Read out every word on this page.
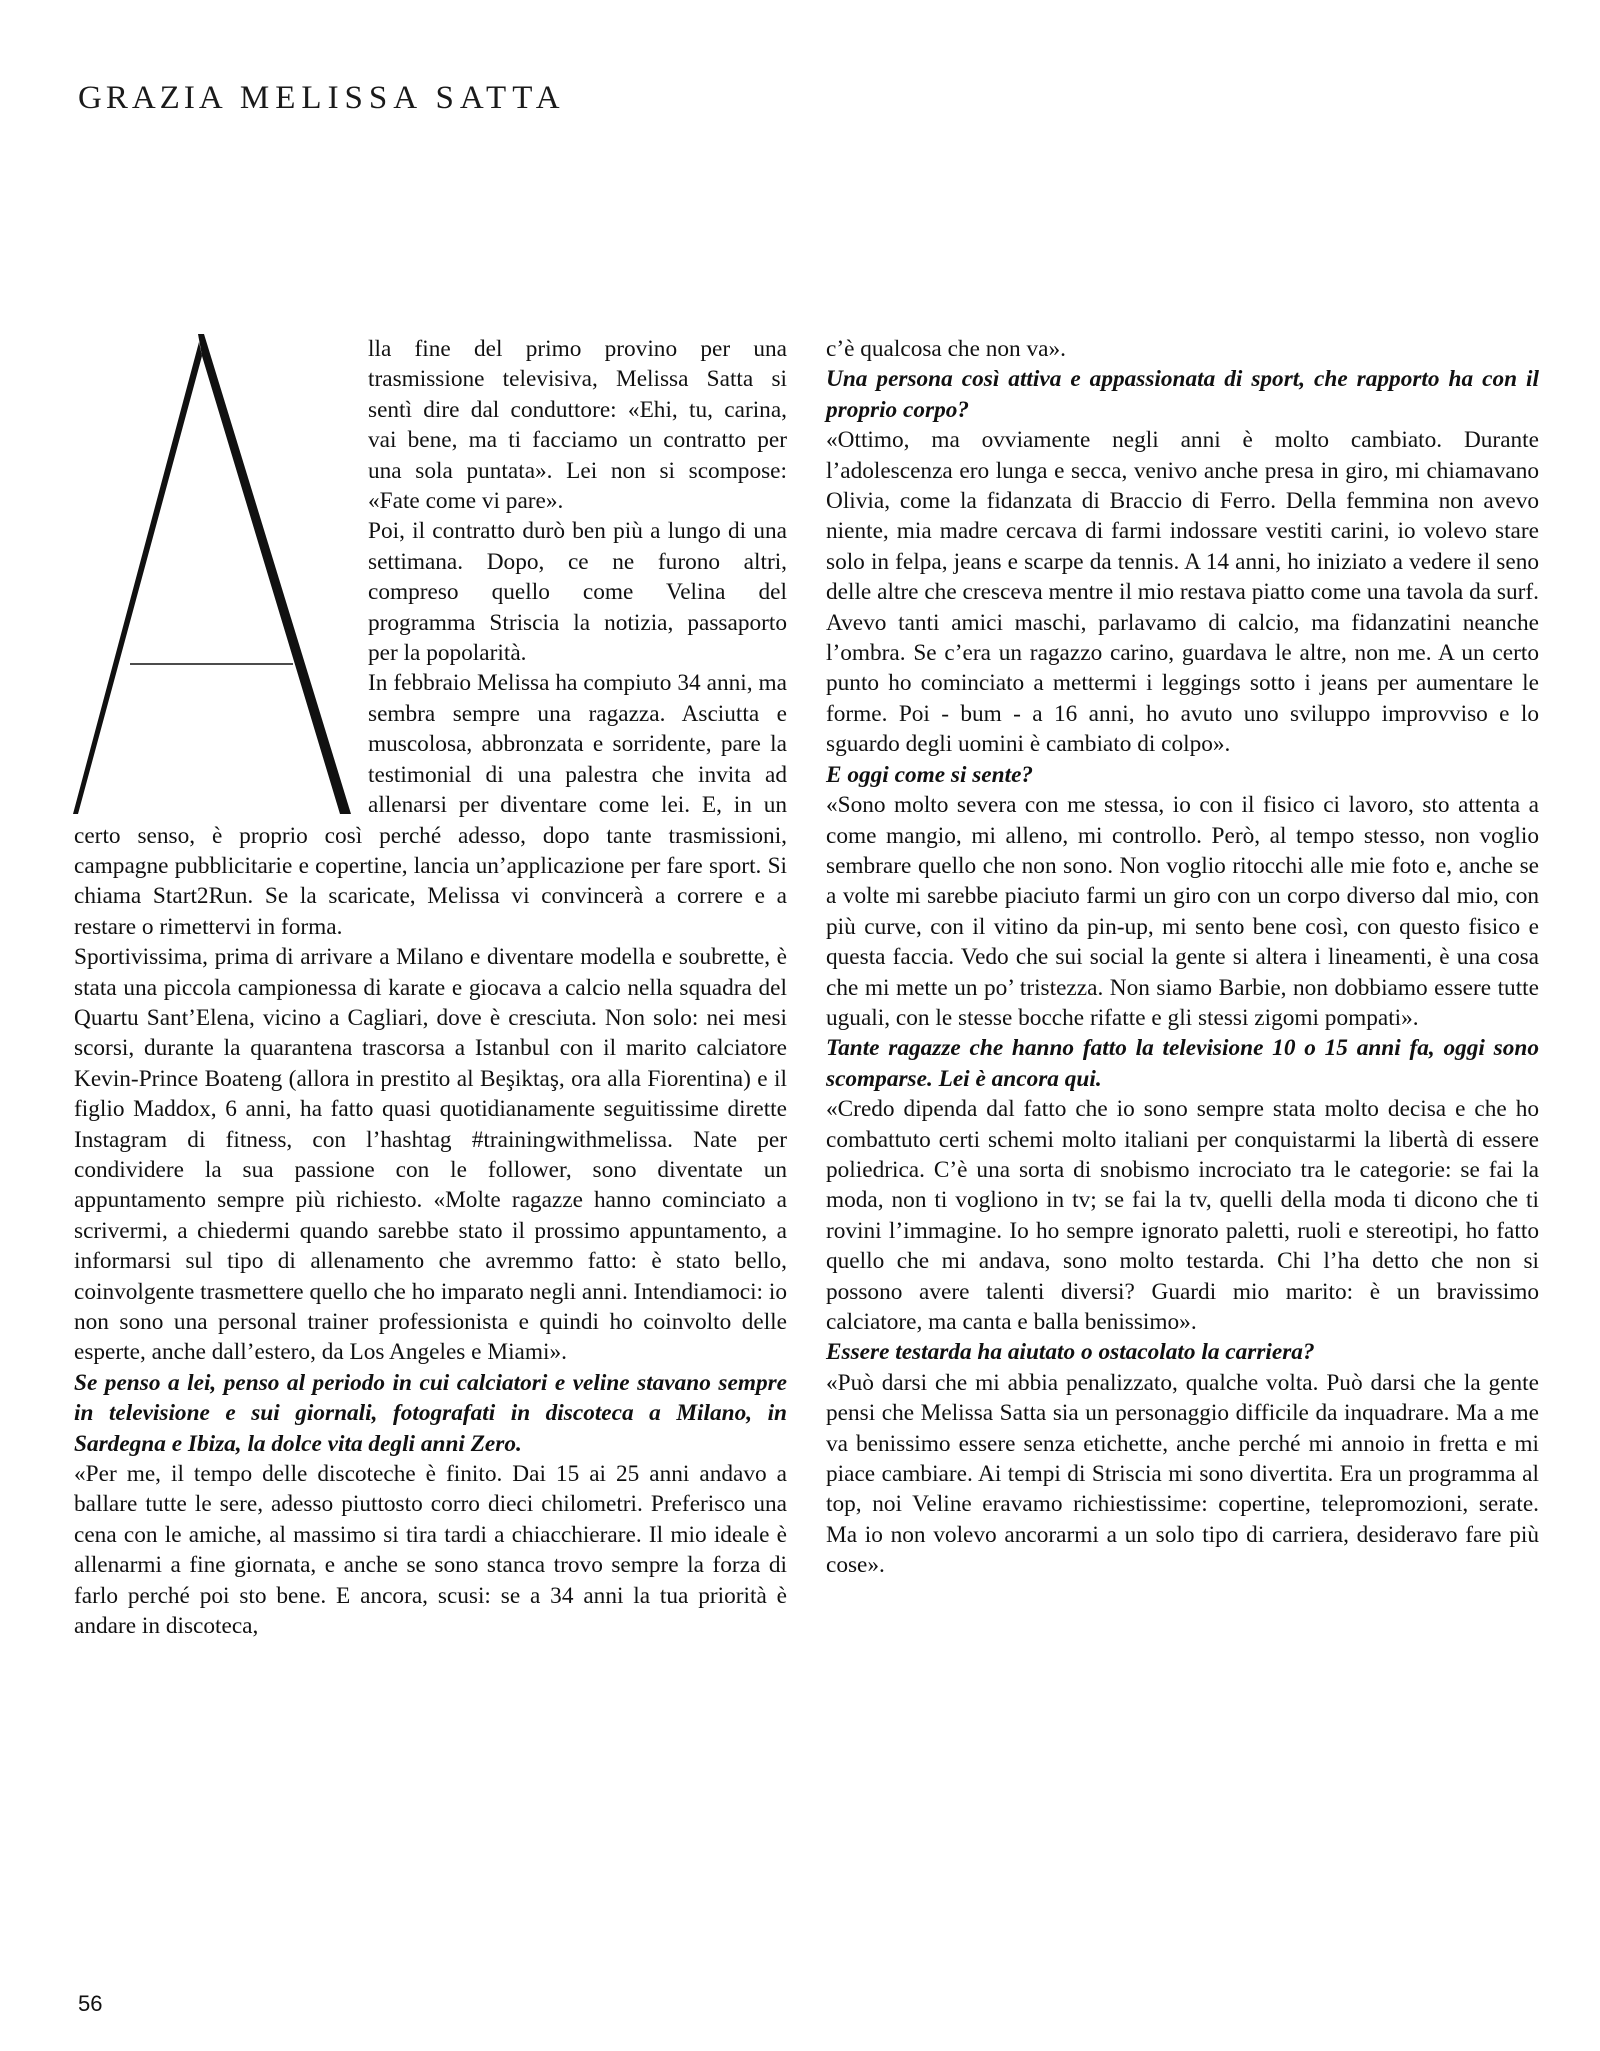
GRAZIA MELISSA SATTA

lla fine del primo provino per una trasmissione televisiva, Melissa Satta si sentì dire dal conduttore: «Ehi, tu, carina, vai bene, ma ti facciamo un contratto per una sola puntata». Lei non si scompose: «Fate come vi pare».

Poi, il contratto durò ben più a lungo di una settimana. Dopo, ce ne furono altri, compreso quello come Velina del programma Striscia la notizia, passaporto per la popolarità.

In febbraio Melissa ha compiuto 34 anni, ma sembra sempre una ragazza. Asciutta e muscolosa, abbronzata e sorridente, pare la testimonial di una palestra che invita ad allenarsi per diventare come lei. E, in un certo senso, è proprio così perché adesso, dopo tante trasmissioni, campagne pubblicitarie e copertine, lancia un’applicazione per fare sport. Si chiama Start2Run. Se la scaricate, Melissa vi convincerà a correre e a restare o rimettervi in forma.

Sportivissima, prima di arrivare a Milano e diventare modella e soubrette, è stata una piccola campionessa di karate e giocava a calcio nella squadra del Quartu Sant’Elena, vicino a Cagliari, dove è cresciuta. Non solo: nei mesi scorsi, durante la quarantena trascorsa a Istanbul con il marito calciatore Kevin-Prince Boateng (allora in prestito al Beşiktaş, ora alla Fiorentina) e il figlio Maddox, 6 anni, ha fatto quasi quotidianamente seguitissime dirette Instagram di fitness, con l’hashtag #trainingwithmelissa. Nate per condividere la sua passione con le follower, sono diventate un appuntamento sempre più richiesto. «Molte ragazze hanno cominciato a scrivermi, a chiedermi quando sarebbe stato il prossimo appuntamento, a informarsi sul tipo di allenamento che avremmo fatto: è stato bello, coinvolgente trasmettere quello che ho imparato negli anni. Intendiamoci: io non sono una personal trainer professionista e quindi ho coinvolto delle esperte, anche dall’estero, da Los Angeles e Miami».

Se penso a lei, penso al periodo in cui calciatori e veline stavano sempre in televisione e sui giornali, fotografati in discoteca a Milano, in Sardegna e Ibiza, la dolce vita degli anni Zero.

«Per me, il tempo delle discoteche è finito. Dai 15 ai 25 anni andavo a ballare tutte le sere, adesso piuttosto corro dieci chilometri. Preferisco una cena con le amiche, al massimo si tira tardi a chiacchierare. Il mio ideale è allenarmi a fine giornata, e anche se sono stanca trovo sempre la forza di farlo perché poi sto bene. E ancora, scusi: se a 34 anni la tua priorità è andare in discoteca,

c’è qualcosa che non va».

Una persona così attiva e appassionata di sport, che rapporto ha con il proprio corpo?

«Ottimo, ma ovviamente negli anni è molto cambiato. Durante l’adolescenza ero lunga e secca, venivo anche presa in giro, mi chiamavano Olivia, come la fidanzata di Braccio di Ferro. Della femmina non avevo niente, mia madre cercava di farmi indossare vestiti carini, io volevo stare solo in felpa, jeans e scarpe da tennis. A 14 anni, ho iniziato a vedere il seno delle altre che cresceva mentre il mio restava piatto come una tavola da surf. Avevo tanti amici maschi, parlavamo di calcio, ma fidanzatini neanche l’ombra. Se c’era un ragazzo carino, guardava le altre, non me. A un certo punto ho cominciato a mettermi i leggings sotto i jeans per aumentare le forme. Poi - bum - a 16 anni, ho avuto uno sviluppo improvviso e lo sguardo degli uomini è cambiato di colpo».

E oggi come si sente?

«Sono molto severa con me stessa, io con il fisico ci lavoro, sto attenta a come mangio, mi alleno, mi controllo. Però, al tempo stesso, non voglio sembrare quello che non sono. Non voglio ritocchi alle mie foto e, anche se a volte mi sarebbe piaciuto farmi un giro con un corpo diverso dal mio, con più curve, con il vitino da pin-up, mi sento bene così, con questo fisico e questa faccia. Vedo che sui social la gente si altera i lineamenti, è una cosa che mi mette un po’ tristezza. Non siamo Barbie, non dobbiamo essere tutte uguali, con le stesse bocche rifatte e gli stessi zigomi pompati».

Tante ragazze che hanno fatto la televisione 10 o 15 anni fa, oggi sono scomparse. Lei è ancora qui.

«Credo dipenda dal fatto che io sono sempre stata molto decisa e che ho combattuto certi schemi molto italiani per conquistarmi la libertà di essere poliedrica. C’è una sorta di snobismo incrociato tra le categorie: se fai la moda, non ti vogliono in tv; se fai la tv, quelli della moda ti dicono che ti rovini l’immagine. Io ho sempre ignorato paletti, ruoli e stereotipi, ho fatto quello che mi andava, sono molto testarda. Chi l’ha detto che non si possono avere talenti diversi? Guardi mio marito: è un bravissimo calciatore, ma canta e balla benissimo».

Essere testarda ha aiutato o ostacolato la carriera?

«Può darsi che mi abbia penalizzato, qualche volta. Può darsi che la gente pensi che Melissa Satta sia un personaggio difficile da inquadrare. Ma a me va benissimo essere senza etichette, anche perché mi annoio in fretta e mi piace cambiare. Ai tempi di Striscia mi sono divertita. Era un programma al top, noi Veline eravamo richiestissime: copertine, telepromozioni, serate. Ma io non volevo ancorarmi a un solo tipo di carriera, desideravo fare più cose».

56
